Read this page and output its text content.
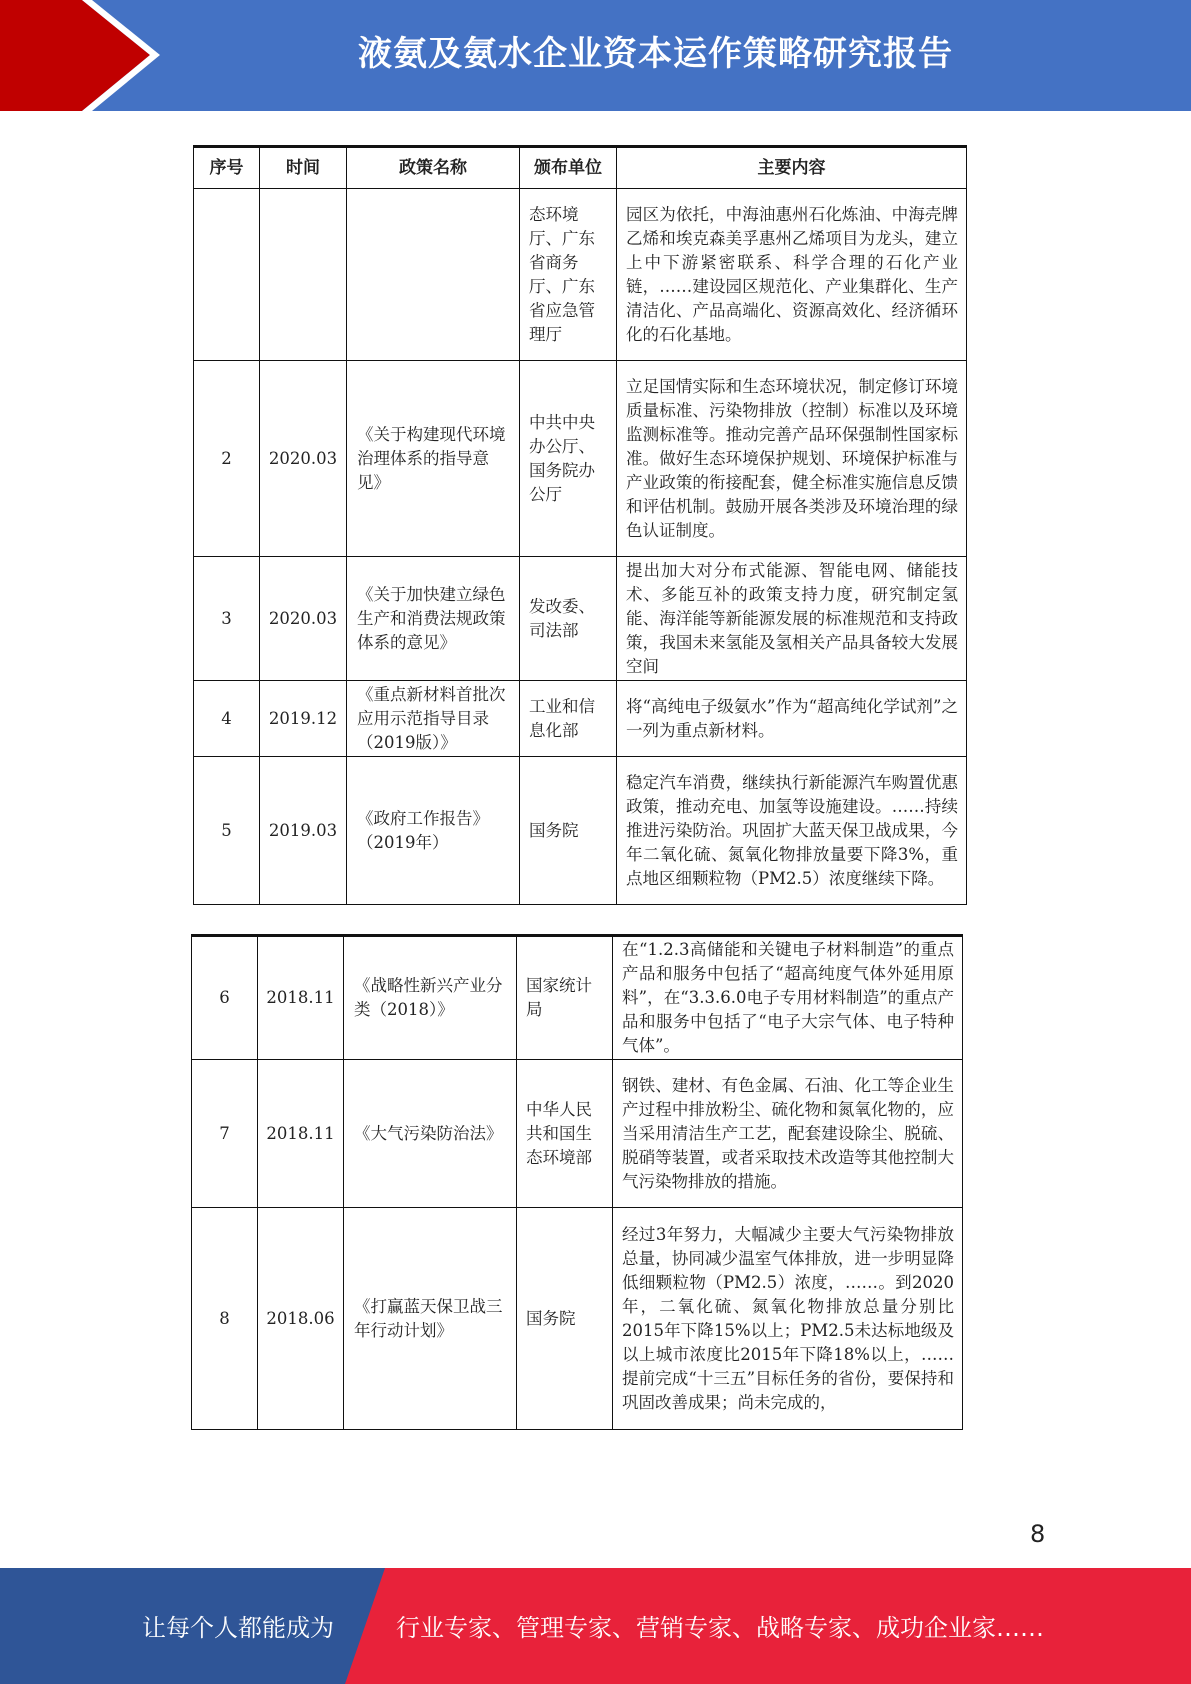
液氨及氨水企业资本运作策略研究报告
序号	时间	政策名称	颁布单位	主要内容
			态环境厅、广东省商务厅、广东省应急管理厅	园区为依托，中海油惠州石化炼油、中海壳牌乙烯和埃克森美孚惠州乙烯项目为龙头，建立上中下游紧密联系、科学合理的石化产业链，……建设园区规范化、产业集群化、生产清洁化、产品高端化、资源高效化、经济循环化的石化基地。
2	2020.03	《关于构建现代环境治理体系的指导意见》	中共中央办公厅、国务院办公厅	立足国情实际和生态环境状况，制定修订环境质量标准、污染物排放（控制）标准以及环境监测标准等。推动完善产品环保强制性国家标准。做好生态环境保护规划、环境保护标准与产业政策的衔接配套，健全标准实施信息反馈和评估机制。鼓励开展各类涉及环境治理的绿色认证制度。
3	2020.03	《关于加快建立绿色生产和消费法规政策体系的意见》	发改委、司法部	提出加大对分布式能源、智能电网、储能技术、多能互补的政策支持力度，研究制定氢能、海洋能等新能源发展的标准规范和支持政策，我国未来氢能及氢相关产品具备较大发展空间
4	2019.12	《重点新材料首批次应用示范指导目录（2019版）》	工业和信息化部	将“高纯电子级氨水”作为“超高纯化学试剂”之一列为重点新材料。
5	2019.03	《政府工作报告》（2019年）	国务院	稳定汽车消费，继续执行新能源汽车购置优惠政策，推动充电、加氢等设施建设。……持续推进污染防治。巩固扩大蓝天保卫战成果，今年二氧化硫、氮氧化物排放量要下降3%，重点地区细颗粒物（PM2.5）浓度继续下降。
6	2018.11	《战略性新兴产业分类（2018）》	国家统计局	在“1.2.3高储能和关键电子材料制造”的重点产品和服务中包括了“超高纯度气体外延用原料”，在“3.3.6.0电子专用材料制造”的重点产品和服务中包括了“电子大宗气体、电子特种气体”。
7	2018.11	《大气污染防治法》	中华人民共和国生态环境部	钢铁、建材、有色金属、石油、化工等企业生产过程中排放粉尘、硫化物和氮氧化物的，应当采用清洁生产工艺，配套建设除尘、脱硫、脱硝等装置，或者采取技术改造等其他控制大气污染物排放的措施。
8	2018.06	《打赢蓝天保卫战三年行动计划》	国务院	经过3年努力，大幅减少主要大气污染物排放总量，协同减少温室气体排放，进一步明显降低细颗粒物（PM2.5）浓度，……。到2020年，二氧化硫、氮氧化物排放总量分别比2015年下降15%以上；PM2.5未达标地级及以上城市浓度比2015年下降18%以上，……提前完成“十三五”目标任务的省份，要保持和巩固改善成果；尚未完成的，
8
让每个人都能成为	行业专家、管理专家、营销专家、战略专家、成功企业家……
